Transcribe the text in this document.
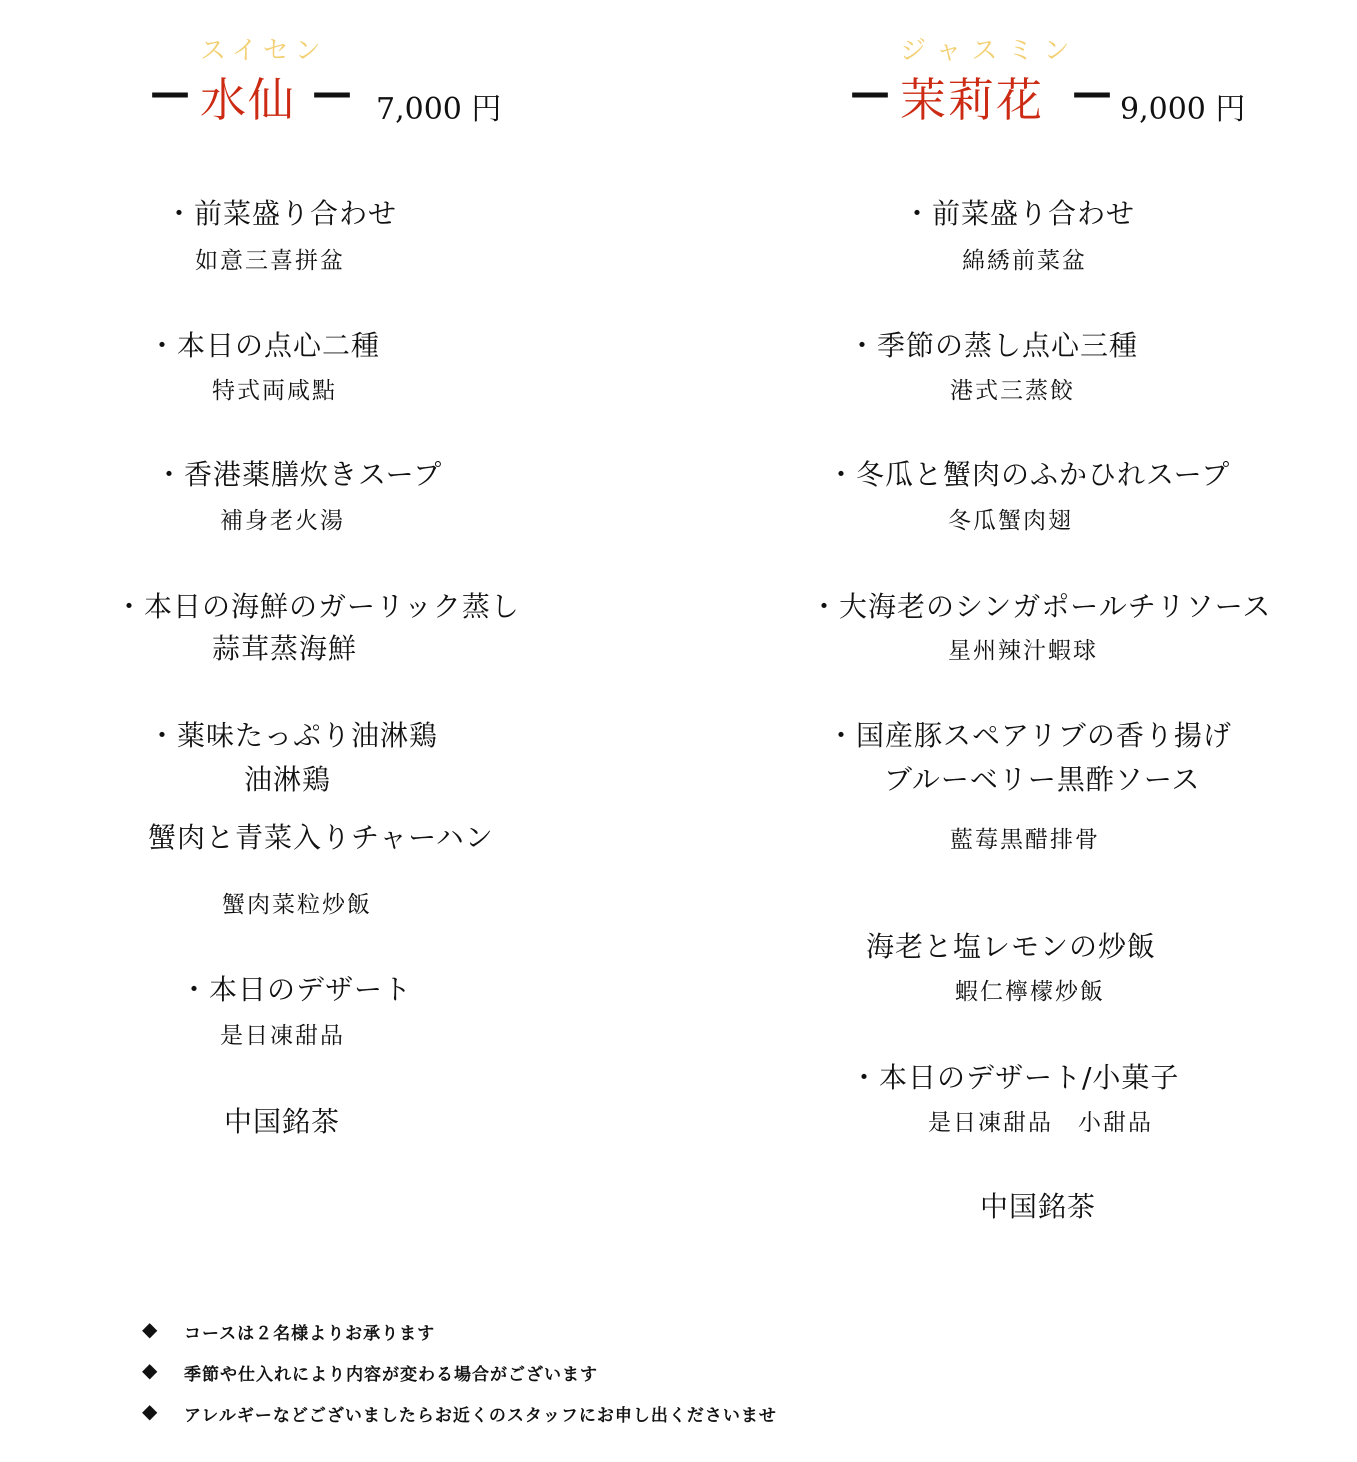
スイセン
— 水仙 — 7,000 円
・前菜盛り合わせ
如意三喜拼盆
・本日の点心二種
特式両咸點
・香港薬膳炊きスープ
補身老火湯
・本日の海鮮のガーリック蒸し
蒜茸蒸海鮮
・薬味たっぷり油淋鶏
油淋鶏
蟹肉と青菜入りチャーハン
蟹肉菜粒炒飯
・本日のデザート
是日凍甜品
中国銘茶
ジャスミン
— 茉莉花 — 9,000 円
・前菜盛り合わせ
綿綉前菜盆
・季節の蒸し点心三種
港式三蒸餃
・冬瓜と蟹肉のふかひれスープ
冬瓜蟹肉翅
・大海老のシンガポールチリソース
星州辣汁蝦球
・国産豚スペアリブの香り揚げ
ブルーベリー黒酢ソース
藍莓黒醋排骨
海老と塩レモンの炒飯
蝦仁檸檬炒飯
・本日のデザート/小菓子
是日凍甜品　小甜品
中国銘茶
◆ コースは２名様よりお承ります
◆ 季節や仕入れにより内容が変わる場合がございます
◆ アレルギーなどございましたらお近くのスタッフにお申し出くださいませ
